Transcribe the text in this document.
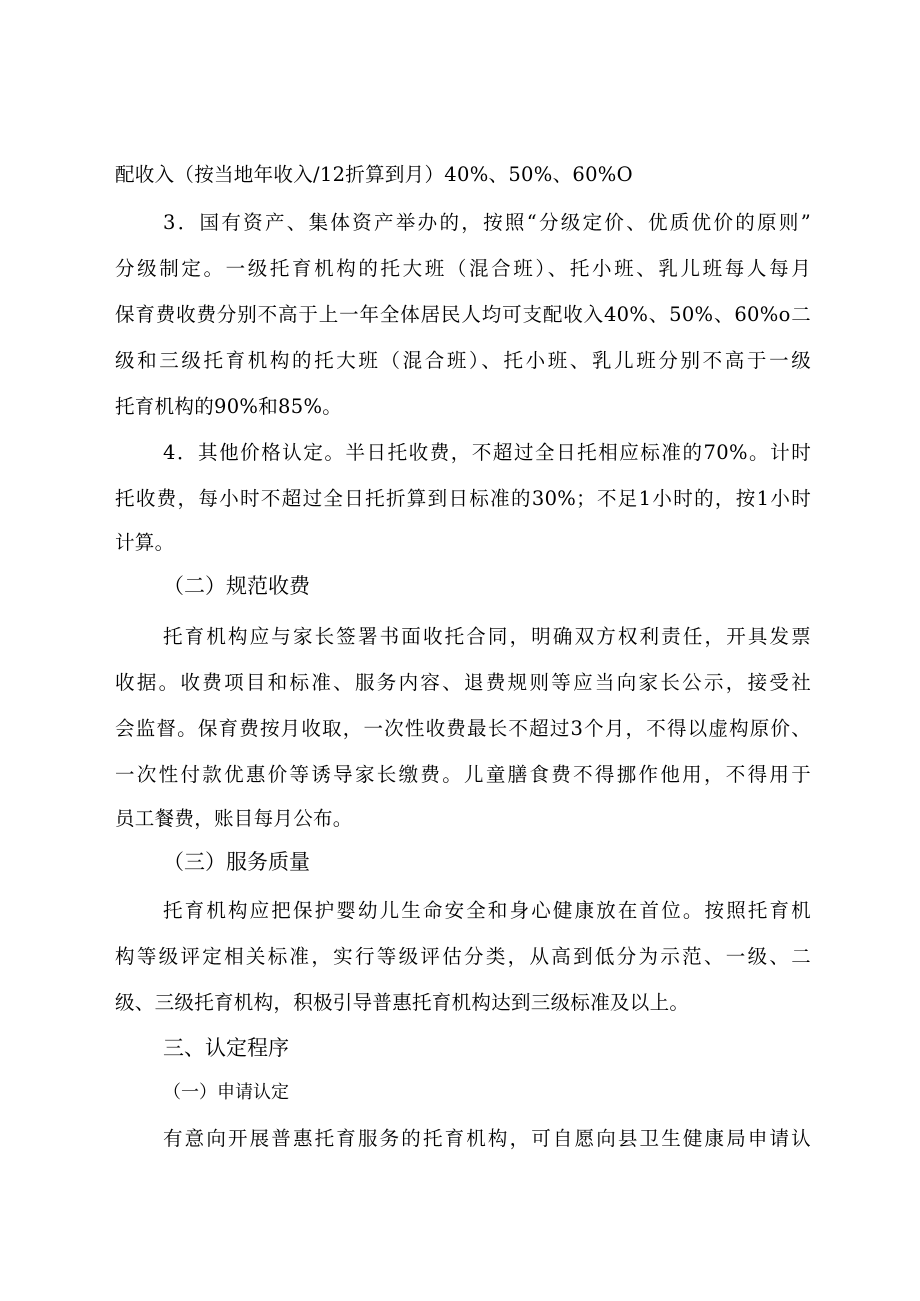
配收入（按当地年收入/12折算到月）40%、50%、60%O
3．国有资产、集体资产举办的，按照“分级定价、优质优价的原则”
分级制定。一级托育机构的托大班（混合班）、托小班、乳儿班每人每月
保育费收费分别不高于上一年全体居民人均可支配收入40%、50%、60%o二
级和三级托育机构的托大班（混合班）、托小班、乳儿班分别不高于一级
托育机构的90%和85%。
4．其他价格认定。半日托收费，不超过全日托相应标准的70%。计时
托收费，每小时不超过全日托折算到日标准的30%；不足1小时的，按1小时
计算。
（二）规范收费
托育机构应与家长签署书面收托合同，明确双方权利责任，开具发票
收据。收费项目和标准、服务内容、退费规则等应当向家长公示，接受社
会监督。保育费按月收取，一次性收费最长不超过3个月，不得以虚构原价、
一次性付款优惠价等诱导家长缴费。儿童膳食费不得挪作他用，不得用于
员工餐费，账目每月公布。
（三）服务质量
托育机构应把保护婴幼儿生命安全和身心健康放在首位。按照托育机
构等级评定相关标准，实行等级评估分类，从高到低分为示范、一级、二
级、三级托育机构，积极引导普惠托育机构达到三级标准及以上。
三、认定程序
（一）申请认定
有意向开展普惠托育服务的托育机构，可自愿向县卫生健康局申请认
